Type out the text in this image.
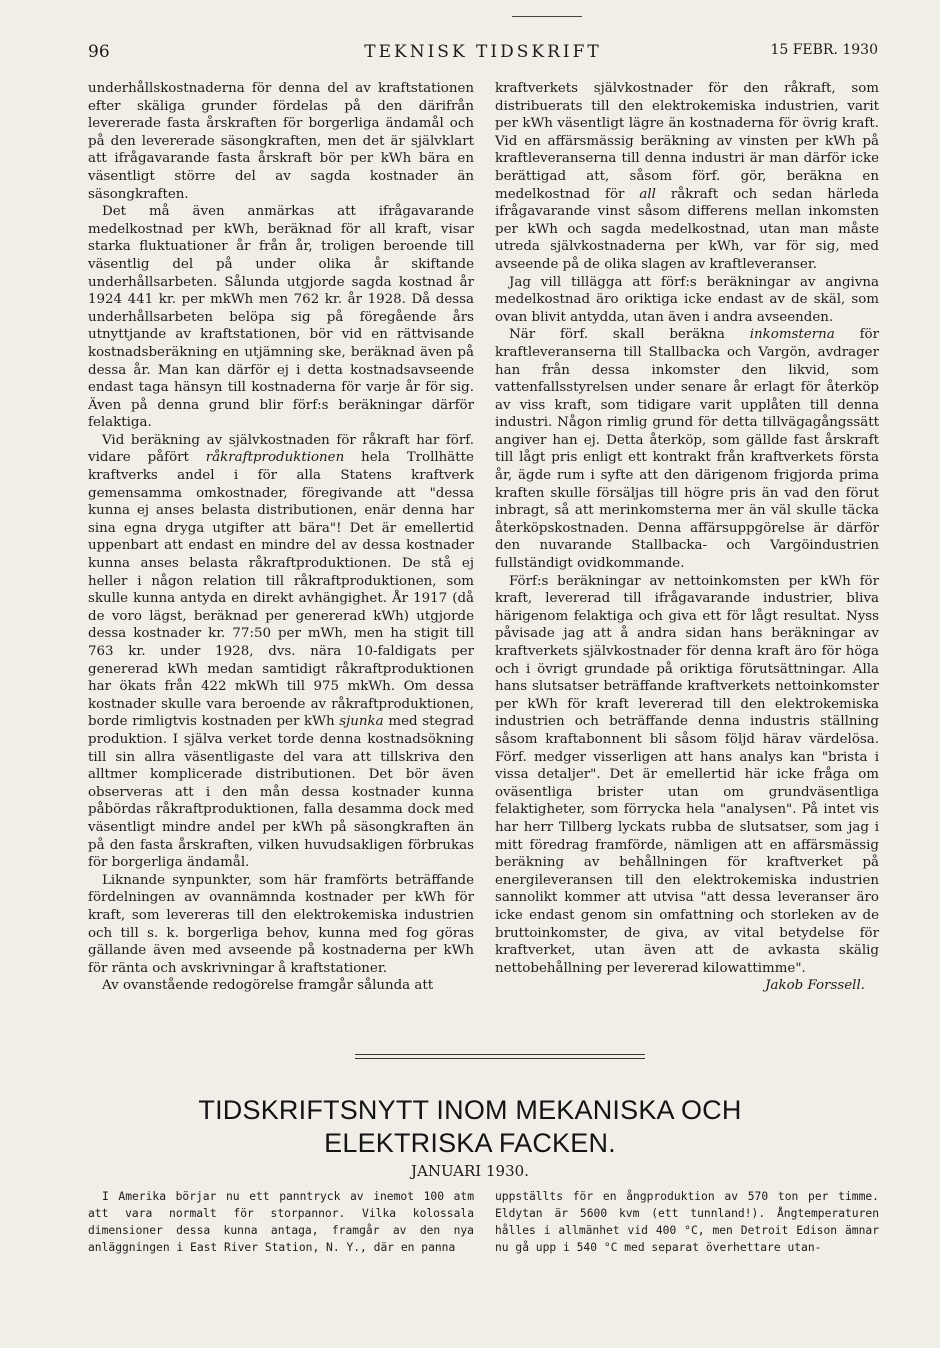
96	TEKNISK TIDSKRIFT	15 FEBR. 1930

underhållskostnaderna för denna del av kraftstationen efter skäliga grunder fördelas på den därifrån levererade fasta årskraften för borgerliga ändamål och på den levererade säsongkraften, men det är självklart att ifrågavarande fasta årskraft bör per kWh bära en väsentligt större del av sagda kostnader än säsongkraften.

Det må även anmärkas att ifrågavarande medelkostnad per kWh, beräknad för all kraft, visar starka fluktuationer år från år, troligen beroende till väsentlig del på under olika år skiftande underhållsarbeten. Sålunda utgjorde sagda kostnad år 1924 441 kr. per mkWh men 762 kr. år 1928. Då dessa underhållsarbeten belöpa sig på föregående års utnyttjande av kraftstationen, bör vid en rättvisande kostnadsberäkning en utjämning ske, beräknad även på dessa år. Man kan därför ej i detta kostnadsavseende endast taga hänsyn till kostnaderna för varje år för sig. Även på denna grund blir förf:s beräkningar därför felaktiga.

Vid beräkning av självkostnaden för råkraft har förf. vidare påfört råkraftproduktionen hela Trollhätte kraftverks andel i för alla Statens kraftverk gemensamma omkostnader, föregivande att "dessa kunna ej anses belasta distributionen, enär denna har sina egna dryga utgifter att bära"! Det är emellertid uppenbart att endast en mindre del av dessa kostnader kunna anses belasta råkraftproduktionen. De stå ej heller i någon relation till råkraftproduktionen, som skulle kunna antyda en direkt avhängighet. År 1917 (då de voro lägst, beräknad per genererad kWh) utgjorde dessa kostnader kr. 77:50 per mWh, men ha stigit till 763 kr. under 1928, dvs. nära 10-faldigats per genererad kWh medan samtidigt råkraftproduktionen har ökats från 422 mkWh till 975 mkWh. Om dessa kostnader skulle vara beroende av råkraftproduktionen, borde rimligtvis kostnaden per kWh sjunka med stegrad produktion. I själva verket torde denna kostnadsökning till sin allra väsentligaste del vara att tillskriva den alltmer komplicerade distributionen. Det bör även observeras att i den mån dessa kostnader kunna påbördas råkraftproduktionen, falla desamma dock med väsentligt mindre andel per kWh på säsongkraften än på den fasta årskraften, vilken huvudsakligen förbrukas för borgerliga ändamål.

Liknande synpunkter, som här framförts beträffande fördelningen av ovannämnda kostnader per kWh för kraft, som levereras till den elektrokemiska industrien och till s. k. borgerliga behov, kunna med fog göras gällande även med avseende på kostnaderna per kWh för ränta och avskrivningar å kraftstationer.

Av ovanstående redogörelse framgår sålunda att

kraftverkets självkostnader för den råkraft, som distribuerats till den elektrokemiska industrien, varit per kWh väsentligt lägre än kostnaderna för övrig kraft. Vid en affärsmässig beräkning av vinsten per kWh på kraftleveranserna till denna industri är man därför icke berättigad att, såsom förf. gör, beräkna en medelkostnad för all råkraft och sedan härleda ifrågavarande vinst såsom differens mellan inkomsten per kWh och sagda medelkostnad, utan man måste utreda självkostnaderna per kWh, var för sig, med avseende på de olika slagen av kraftleveranser.

Jag vill tillägga att förf:s beräkningar av angivna medelkostnad äro oriktiga icke endast av de skäl, som ovan blivit antydda, utan även i andra avseenden.

När förf. skall beräkna inkomsterna för kraftleveranserna till Stallbacka och Vargön, avdrager han från dessa inkomster den likvid, som vattenfallsstyrelsen under senare år erlagt för återköp av viss kraft, som tidigare varit upplåten till denna industri. Någon rimlig grund för detta tillvägagångssätt angiver han ej. Detta återköp, som gällde fast årskraft till lågt pris enligt ett kontrakt från kraftverkets första år, ägde rum i syfte att den därigenom frigjorda prima kraften skulle försäljas till högre pris än vad den förut inbragt, så att merinkomsterna mer än väl skulle täcka återköpskostnaden. Denna affärsuppgörelse är därför den nuvarande Stallbacka- och Vargöindustrien fullständigt ovidkommande.

Förf:s beräkningar av nettoinkomsten per kWh för kraft, levererad till ifrågavarande industrier, bliva härigenom felaktiga och giva ett för lågt resultat. Nyss påvisade jag att å andra sidan hans beräkningar av kraftverkets självkostnader för denna kraft äro för höga och i övrigt grundade på oriktiga förutsättningar. Alla hans slutsatser beträffande kraftverkets nettoinkomster per kWh för kraft levererad till den elektrokemiska industrien och beträffande denna industris ställning såsom kraftabonnent bli såsom följd härav värdelösa. Förf. medger visserligen att hans analys kan "brista i vissa detaljer". Det är emellertid här icke fråga om oväsentliga brister utan om grundväsentliga felaktigheter, som förrycka hela "analysen". På intet vis har herr Tillberg lyckats rubba de slutsatser, som jag i mitt föredrag framförde, nämligen att en affärsmässig beräkning av behållningen för kraftverket på energileveransen till den elektrokemiska industrien sannolikt kommer att utvisa "att dessa leveranser äro icke endast genom sin omfattning och storleken av de bruttoinkomster, de giva, av vital betydelse för kraftverket, utan även att de avkasta skälig nettobehållning per levererad kilowattimme".

Jakob Forssell.
TIDSKRIFTSNYTT INOM MEKANISKA OCH
ELEKTRISKA FACKEN.
JANUARI 1930.

I Amerika börjar nu ett panntryck av inemot 100 atm att vara normalt för storpannor. Vilka kolossala dimensioner dessa kunna antaga, framgår av den nya anläggningen i East River Station, N. Y., där en panna

uppställts för en ångproduktion av 570 ton per timme. Eldytan är 5600 kvm (ett tunnland!). Ångtemperaturen hålles i allmänhet vid 400 °C, men Detroit Edison ämnar nu gå upp i 540 °C med separat överhettare utan-
